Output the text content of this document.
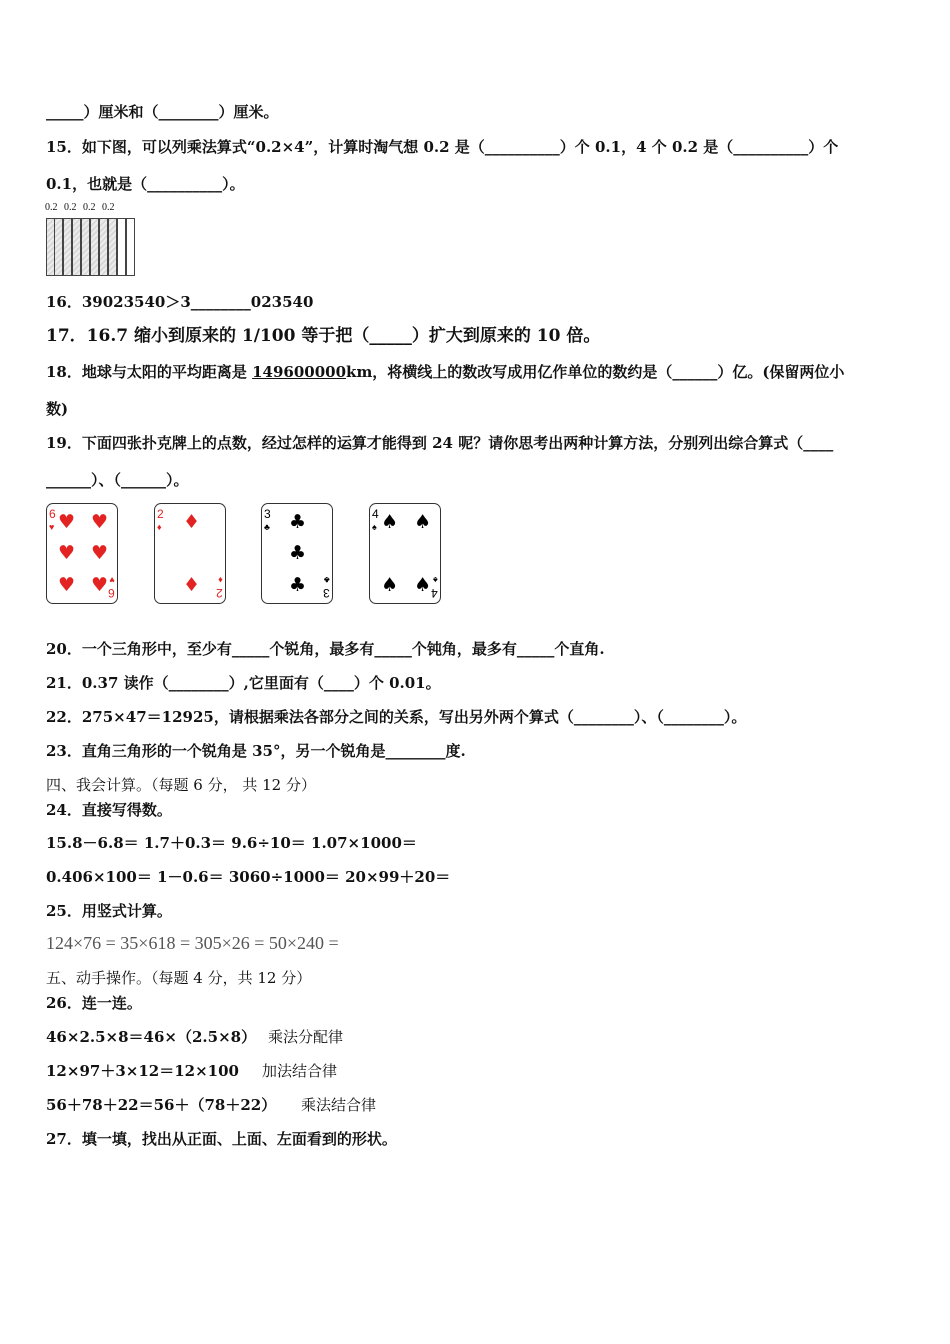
_____）厘米和（________）厘米。
15．如下图，可以列乘法算式“0.2×4”，计算时淘气想 0.2 是（__________）个 0.1，4 个 0.2 是（__________）个
0.1，也就是（__________）。
0.2 0.2 0.2 0.2
16．39023540＞3________023540
17．16.7 缩小到原来的 1/100 等于把（_____）扩大到原来的 10 倍。
18．地球与太阳的平均距离是 149600000km，将横线上的数改写成用亿作单位的数约是（______）亿。(保留两位小
数)
19．下面四张扑克牌上的点数，经过怎样的运算才能得到 24 呢？请你思考出两种计算方法，分别列出综合算式（____
______）、（______）。
6
♥
6
♥
♥ ♥
♥ ♥
♥ ♥
2
♦
2
♦
♦
♦
3
♣
3
♣
♣
♣
♣
4
♠
4
♠
♠ ♠
♠ ♠
20．一个三角形中，至少有_____个锐角，最多有_____个钝角，最多有_____个直角.
21．0.37 读作（________）,它里面有（____）个 0.01。
22．275×47＝12925，请根据乘法各部分之间的关系，写出另外两个算式（________）、（________）。
23．直角三角形的一个锐角是 35°，另一个锐角是________度.
四、我会计算。（每题 6 分， 共 12 分）
24．直接写得数。
15.8－6.8＝ 1.7＋0.3＝ 9.6÷10＝ 1.07×1000＝
0.406×100＝ 1－0.6＝ 3060÷1000＝ 20×99＋20＝
25．用竖式计算。
124×76 = 35×618 = 305×26 = 50×240 =
五、动手操作。（每题 4 分，共 12 分）
26．连一连。
46×2.5×8＝46×（2.5×8） 乘法分配律
12×97＋3×12＝12×100 加法结合律
56＋78＋22＝56＋（78＋22） 乘法结合律
27．填一填，找出从正面、上面、左面看到的形状。
